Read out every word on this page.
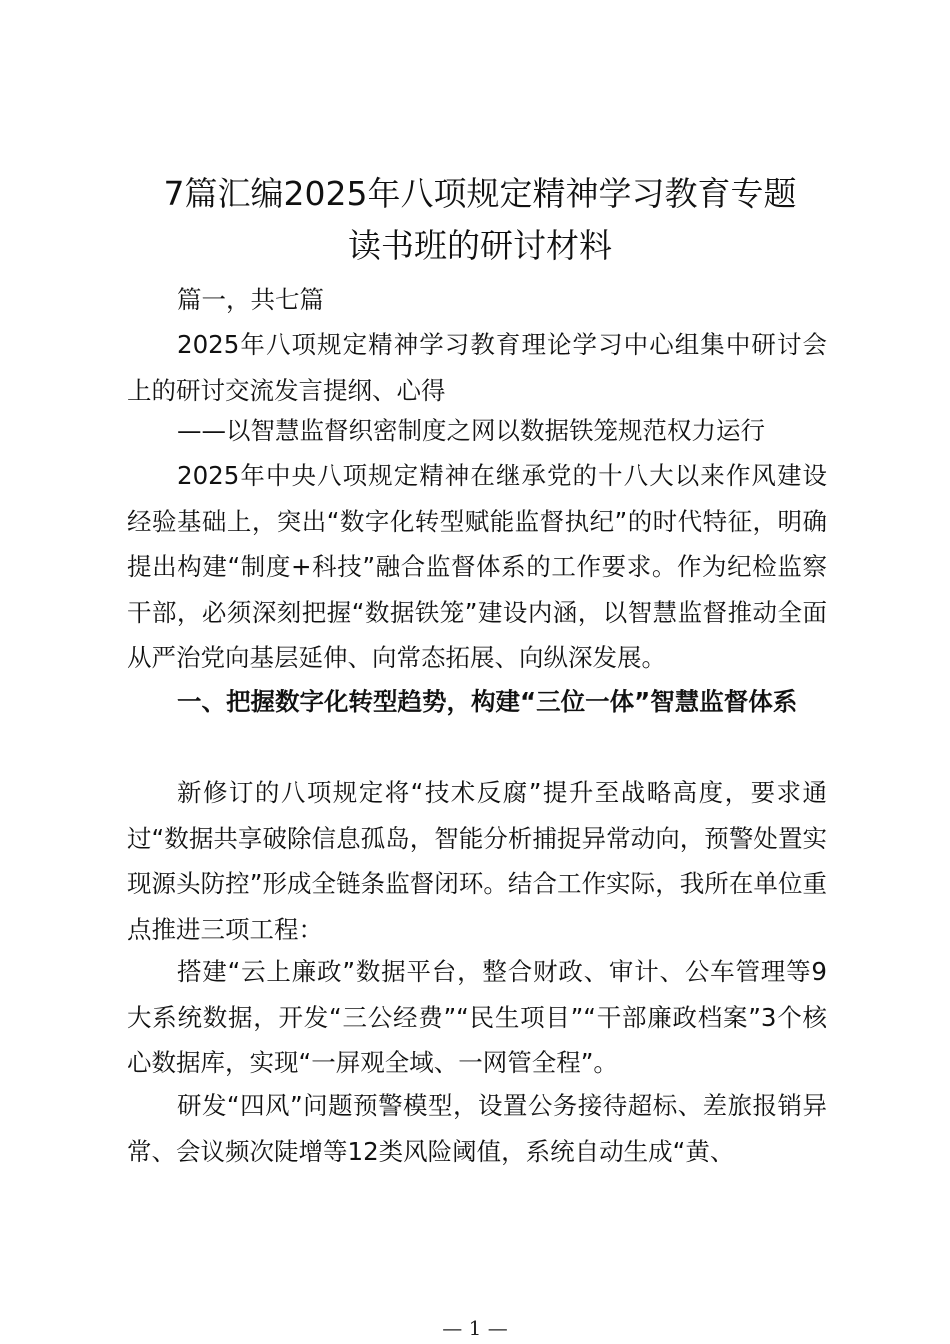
7篇汇编2025年八项规定精神学习教育专题
读书班的研讨材料

篇一，共七篇

2025年八项规定精神学习教育理论学习中心组集中研讨会上的研讨交流发言提纲、心得

——以智慧监督织密制度之网以数据铁笼规范权力运行

2025年中央八项规定精神在继承党的十八大以来作风建设经验基础上，突出“数字化转型赋能监督执纪”的时代特征，明确提出构建“制度+科技”融合监督体系的工作要求。作为纪检监察干部，必须深刻把握“数据铁笼”建设内涵，以智慧监督推动全面从严治党向基层延伸、向常态拓展、向纵深发展。

一、把握数字化转型趋势，构建“三位一体”智慧监督体系

新修订的八项规定将“技术反腐”提升至战略高度，要求通过“数据共享破除信息孤岛，智能分析捕捉异常动向，预警处置实现源头防控”形成全链条监督闭环。结合工作实际，我所在单位重点推进三项工程：

搭建“云上廉政”数据平台，整合财政、审计、公车管理等9大系统数据，开发“三公经费”“民生项目”“干部廉政档案”3个核心数据库，实现“一屏观全域、一网管全程”。

研发“四风”问题预警模型，设置公务接待超标、差旅报销异常、会议频次陡增等12类风险阈值，系统自动生成“黄、

— 1 —
